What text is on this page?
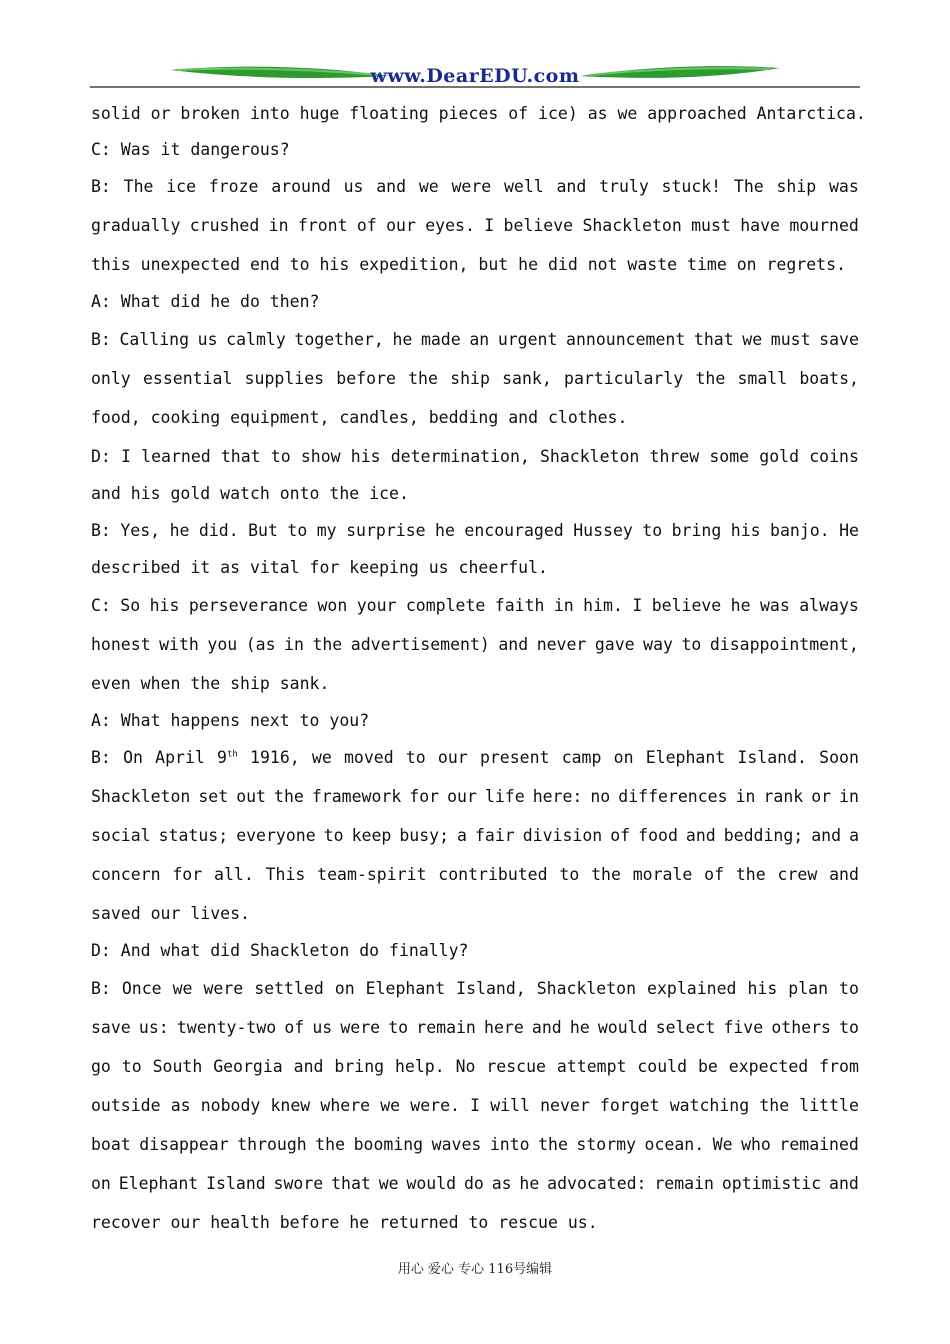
www.DearEDU.com
solid or broken into huge floating pieces of ice) as we approached Antarctica.
C: Was it dangerous?
B: The ice froze around us and we were well and truly stuck! The ship was
gradually crushed in front of our eyes. I believe Shackleton must have mourned
this unexpected end to his expedition, but he did not waste time on regrets.
A: What did he do then?
B: Calling us calmly together, he made an urgent announcement that we must save
only essential supplies before the ship sank, particularly the small boats,
food, cooking equipment, candles, bedding and clothes.
D: I learned that to show his determination, Shackleton threw some gold coins
and his gold watch onto the ice.
B: Yes, he did. But to my surprise he encouraged Hussey to bring his banjo. He
described it as vital for keeping us cheerful.
C: So his perseverance won your complete faith in him. I believe he was always
honest with you (as in the advertisement) and never gave way to disappointment,
even when the ship sank.
A: What happens next to you?
B: On April 9th 1916, we moved to our present camp on Elephant Island. Soon
Shackleton set out the framework for our life here: no differences in rank or in
social status; everyone to keep busy; a fair division of food and bedding; and a
concern for all. This team-spirit contributed to the morale of the crew and
saved our lives.
D: And what did Shackleton do finally?
B: Once we were settled on Elephant Island, Shackleton explained his plan to
save us: twenty-two of us were to remain here and he would select five others to
go to South Georgia and bring help. No rescue attempt could be expected from
outside as nobody knew where we were. I will never forget watching the little
boat disappear through the booming waves into the stormy ocean. We who remained
on Elephant Island swore that we would do as he advocated: remain optimistic and
recover our health before he returned to rescue us.
用心 爱心 专心 116号编辑
